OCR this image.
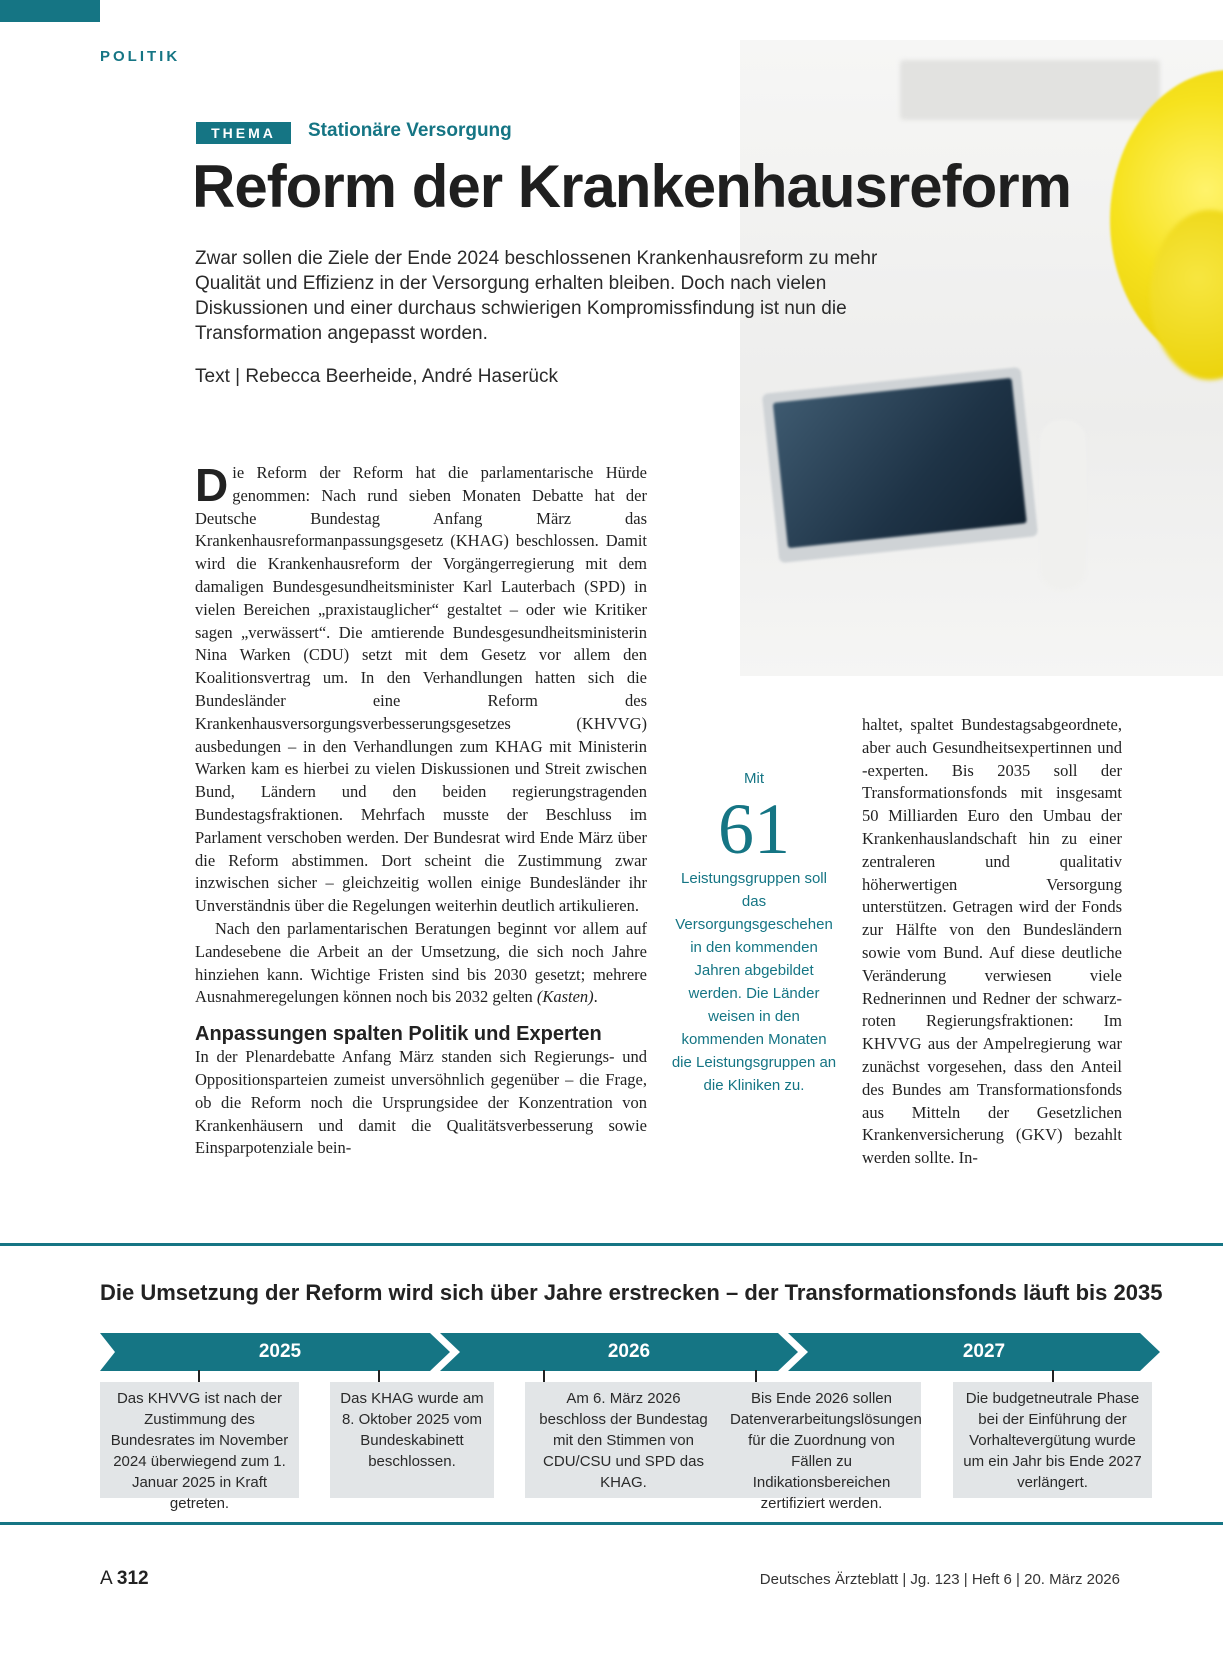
POLITIK
THEMA	Stationäre Versorgung
Reform der Krankenhausreform

Zwar sollen die Ziele der Ende 2024 beschlossenen Krankenhausreform zu mehr Qualität und Effizienz in der Versorgung erhalten bleiben. Doch nach vielen Diskussionen und einer durchaus schwierigen Kompromissfindung ist nun die Transformation angepasst worden.

Text | Rebecca Beerheide, André Haserück

Die Reform der Reform hat die parlamentarische Hürde genommen: Nach rund sieben Monaten Debatte hat der Deutsche Bundestag Anfang März das Krankenhausreformanpassungsgesetz (KHAG) beschlossen. Damit wird die Krankenhausreform der Vorgängerregierung mit dem damaligen Bundesgesundheitsminister Karl Lauterbach (SPD) in vielen Bereichen „praxistauglicher“ gestaltet – oder wie Kritiker sagen „verwässert“. Die amtierende Bundesgesundheitsministerin Nina Warken (CDU) setzt mit dem Gesetz vor allem den Koalitionsvertrag um. In den Verhandlungen hatten sich die Bundesländer eine Reform des Krankenhausversorgungsverbesserungsgesetzes (KHVVG) ausbedungen – in den Verhandlungen zum KHAG mit Ministerin Warken kam es hierbei zu vielen Diskussionen und Streit zwischen Bund, Ländern und den beiden regierungstragenden Bundestagsfraktionen. Mehrfach musste der Beschluss im Parlament verschoben werden. Der Bundesrat wird Ende März über die Reform abstimmen. Dort scheint die Zustimmung zwar inzwischen sicher – gleichzeitig wollen einige Bundesländer ihr Unverständnis über die Regelungen weiterhin deutlich artikulieren.

Nach den parlamentarischen Beratungen beginnt vor allem auf Landesebene die Arbeit an der Umsetzung, die sich noch Jahre hinziehen kann. Wichtige Fristen sind bis 2030 gesetzt; mehrere Ausnahmeregelungen können noch bis 2032 gelten (Kasten).

Anpassungen spalten Politik und Experten

In der Plenardebatte Anfang März standen sich Regierungs- und Oppositionsparteien zumeist unversöhnlich gegenüber – die Frage, ob die Reform noch die Ursprungsidee der Konzentration von Krankenhäusern und damit die Qualitätsverbesserung sowie Einsparpotenziale bein-

Mit
61
Leistungsgruppen soll das Versorgungsgeschehen in den kommenden Jahren abgebildet werden. Die Länder weisen in den kommenden Monaten die Leistungsgruppen an die Kliniken zu.

haltet, spaltet Bundestagsabgeordnete, aber auch Gesundheitsexpertinnen und -experten. Bis 2035 soll der Transformationsfonds mit insgesamt 50 Milliarden Euro den Umbau der Krankenhauslandschaft hin zu einer zentraleren und qualitativ höherwertigen Versorgung unterstützen. Getragen wird der Fonds zur Hälfte von den Bundesländern sowie vom Bund. Auf diese deutliche Veränderung verwiesen viele Rednerinnen und Redner der schwarz-roten Regierungsfraktionen: Im KHVVG aus der Ampelregierung war zunächst vorgesehen, dass den Anteil des Bundes am Transformationsfonds aus Mitteln der Gesetzlichen Krankenversicherung (GKV) bezahlt werden sollte. In-

Die Umsetzung der Reform wird sich über Jahre erstrecken – der Transformationsfonds läuft bis 2035
2025	2026	2027
Das KHVVG ist nach der Zustimmung des Bundesrates im November 2024 überwiegend zum 1. Januar 2025 in Kraft getreten.
Das KHAG wurde am 8. Oktober 2025 vom Bundeskabinett beschlossen.
Am 6. März 2026 beschloss der Bundestag mit den Stimmen von CDU/CSU und SPD das KHAG.
Bis Ende 2026 sollen Datenverarbeitungslösungen für die Zuordnung von Fällen zu Indikationsbereichen zertifiziert werden.
Die budgetneutrale Phase bei der Einführung der Vorhaltevergütung wurde um ein Jahr bis Ende 2027 verlängert.
A 312	Deutsches Ärzteblatt | Jg. 123 | Heft 6 | 20. März 2026
